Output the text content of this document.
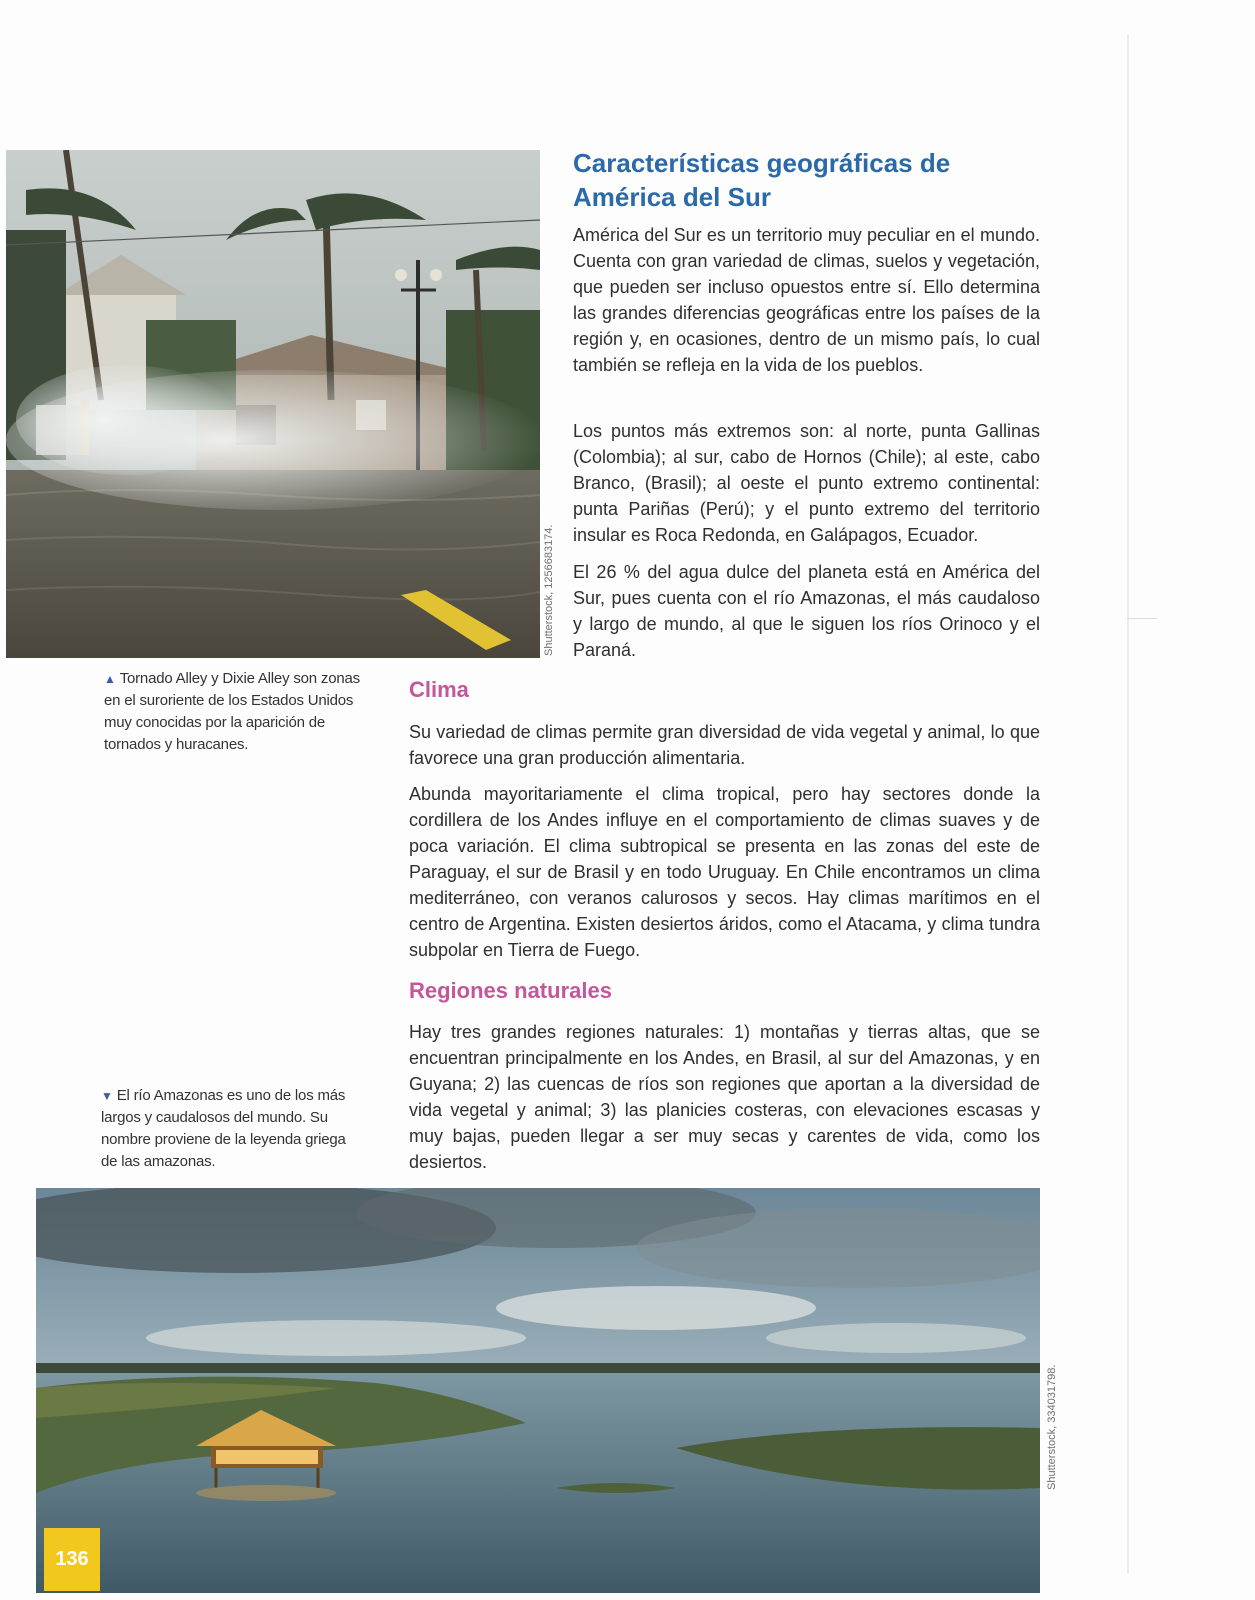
Shutterstock, 1256683174.
▲ Tornado Alley y Dixie Alley son zonas en el suroriente de los Estados Unidos muy conocidas por la aparición de tornados y huracanes.
Características geográficas de América del Sur

América del Sur es un territorio muy peculiar en el mundo. Cuenta con gran variedad de climas, suelos y vegetación, que pueden ser incluso opuestos entre sí. Ello determina las grandes diferencias geográficas entre los países de la región y, en ocasiones, dentro de un mismo país, lo cual también se refleja en la vida de los pueblos.

Los puntos más extremos son: al norte, punta Gallinas (Colombia); al sur, cabo de Hornos (Chile); al este, cabo Branco, (Brasil); al oeste el punto extremo continental: punta Pariñas (Perú); y el punto extremo del territorio insular es Roca Redonda, en Galápagos, Ecuador.

El 26 % del agua dulce del planeta está en América del Sur, pues cuenta con el río Amazonas, el más caudaloso y largo de mundo, al que le siguen los ríos Orinoco y el Paraná.

Clima

Su variedad de climas permite gran diversidad de vida vegetal y animal, lo que favorece una gran producción alimentaria.

Abunda mayoritariamente el clima tropical, pero hay sectores donde la cordillera de los Andes influye en el comportamiento de climas suaves y de poca variación. El clima subtropical se presenta en las zonas del este de Paraguay, el sur de Brasil y en todo Uruguay. En Chile encontramos un clima mediterráneo, con veranos calurosos y secos. Hay climas marítimos en el centro de Argentina. Existen desiertos áridos, como el Atacama, y clima tundra subpolar en Tierra de Fuego.

Regiones naturales

Hay tres grandes regiones naturales: 1) montañas y tierras altas, que se encuentran principalmente en los Andes, en Brasil, al sur del Amazonas, y en Guyana; 2) las cuencas de ríos son regiones que aportan a la diversidad de vida vegetal y animal; 3) las planicies costeras, con elevaciones escasas y muy bajas, pueden llegar a ser muy secas y carentes de vida, como los desiertos.

▼ El río Amazonas es uno de los más largos y caudalosos del mundo. Su nombre proviene de la leyenda griega de las amazonas.
Shutterstock, 334031798.
136
